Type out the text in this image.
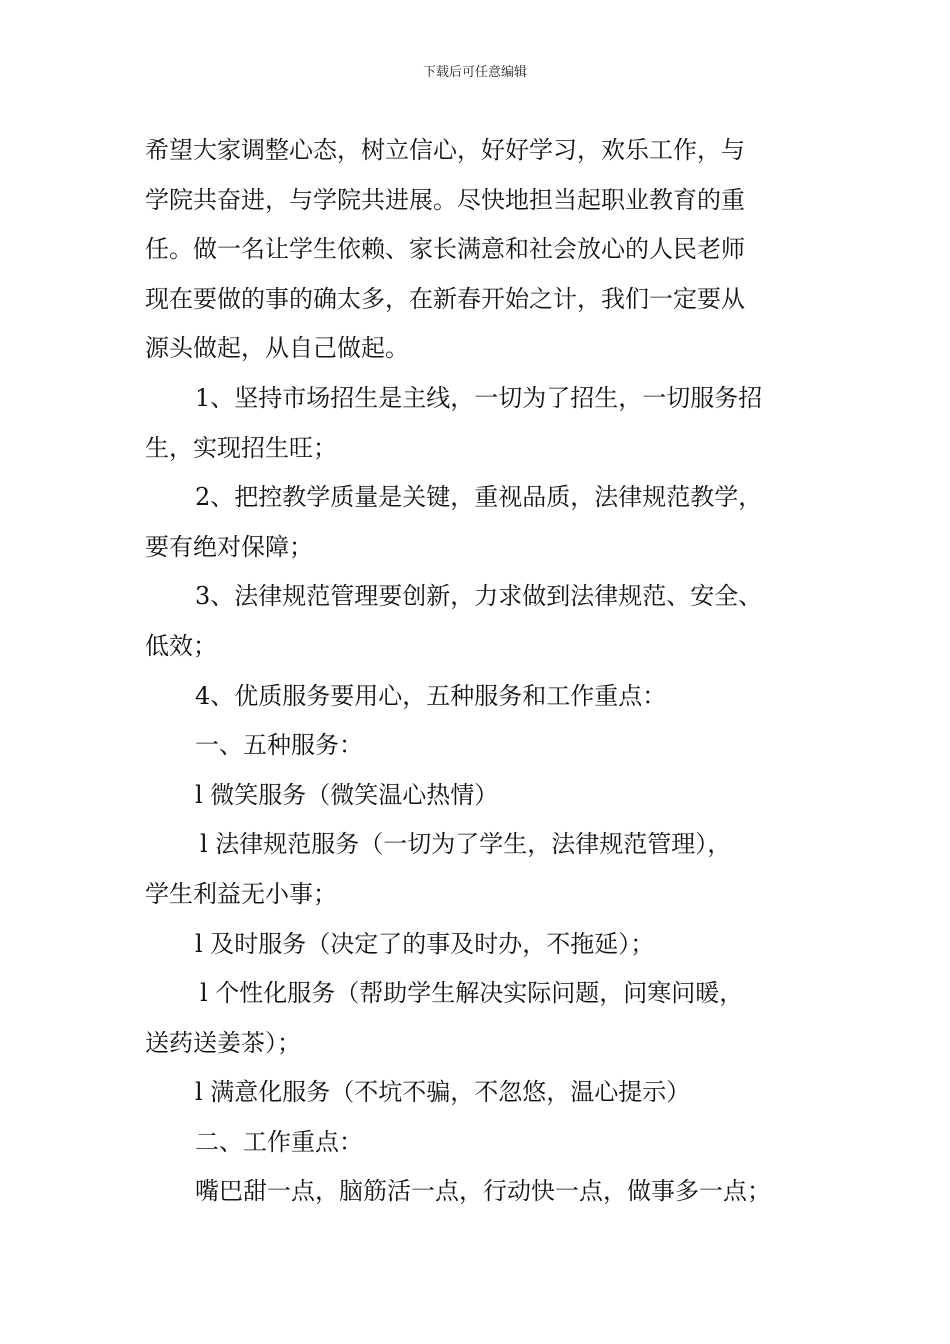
下载后可任意编辑

希望大家调整心态，树立信心，好好学习，欢乐工作，与

学院共奋进，与学院共进展。尽快地担当起职业教育的重

任。做一名让学生依赖、家长满意和社会放心的人民老师

现在要做的事的确太多，在新春开始之计，我们一定要从

源头做起，从自己做起。

1、坚持市场招生是主线，一切为了招生，一切服务招

生，实现招生旺；

2、把控教学质量是关键，重视品质，法律规范教学，

要有绝对保障；

3、法律规范管理要创新，力求做到法律规范、安全、

低效；

4、优质服务要用心，五种服务和工作重点：

一、五种服务：

l 微笑服务（微笑温心热情）

l 法律规范服务（一切为了学生，法律规范管理），

学生利益无小事；

l 及时服务（决定了的事及时办，不拖延）；

l 个性化服务（帮助学生解决实际问题，问寒问暖，

送药送姜茶）；

l 满意化服务（不坑不骗，不忽悠，温心提示）

二、工作重点：

嘴巴甜一点，脑筋活一点，行动快一点，做事多一点；
